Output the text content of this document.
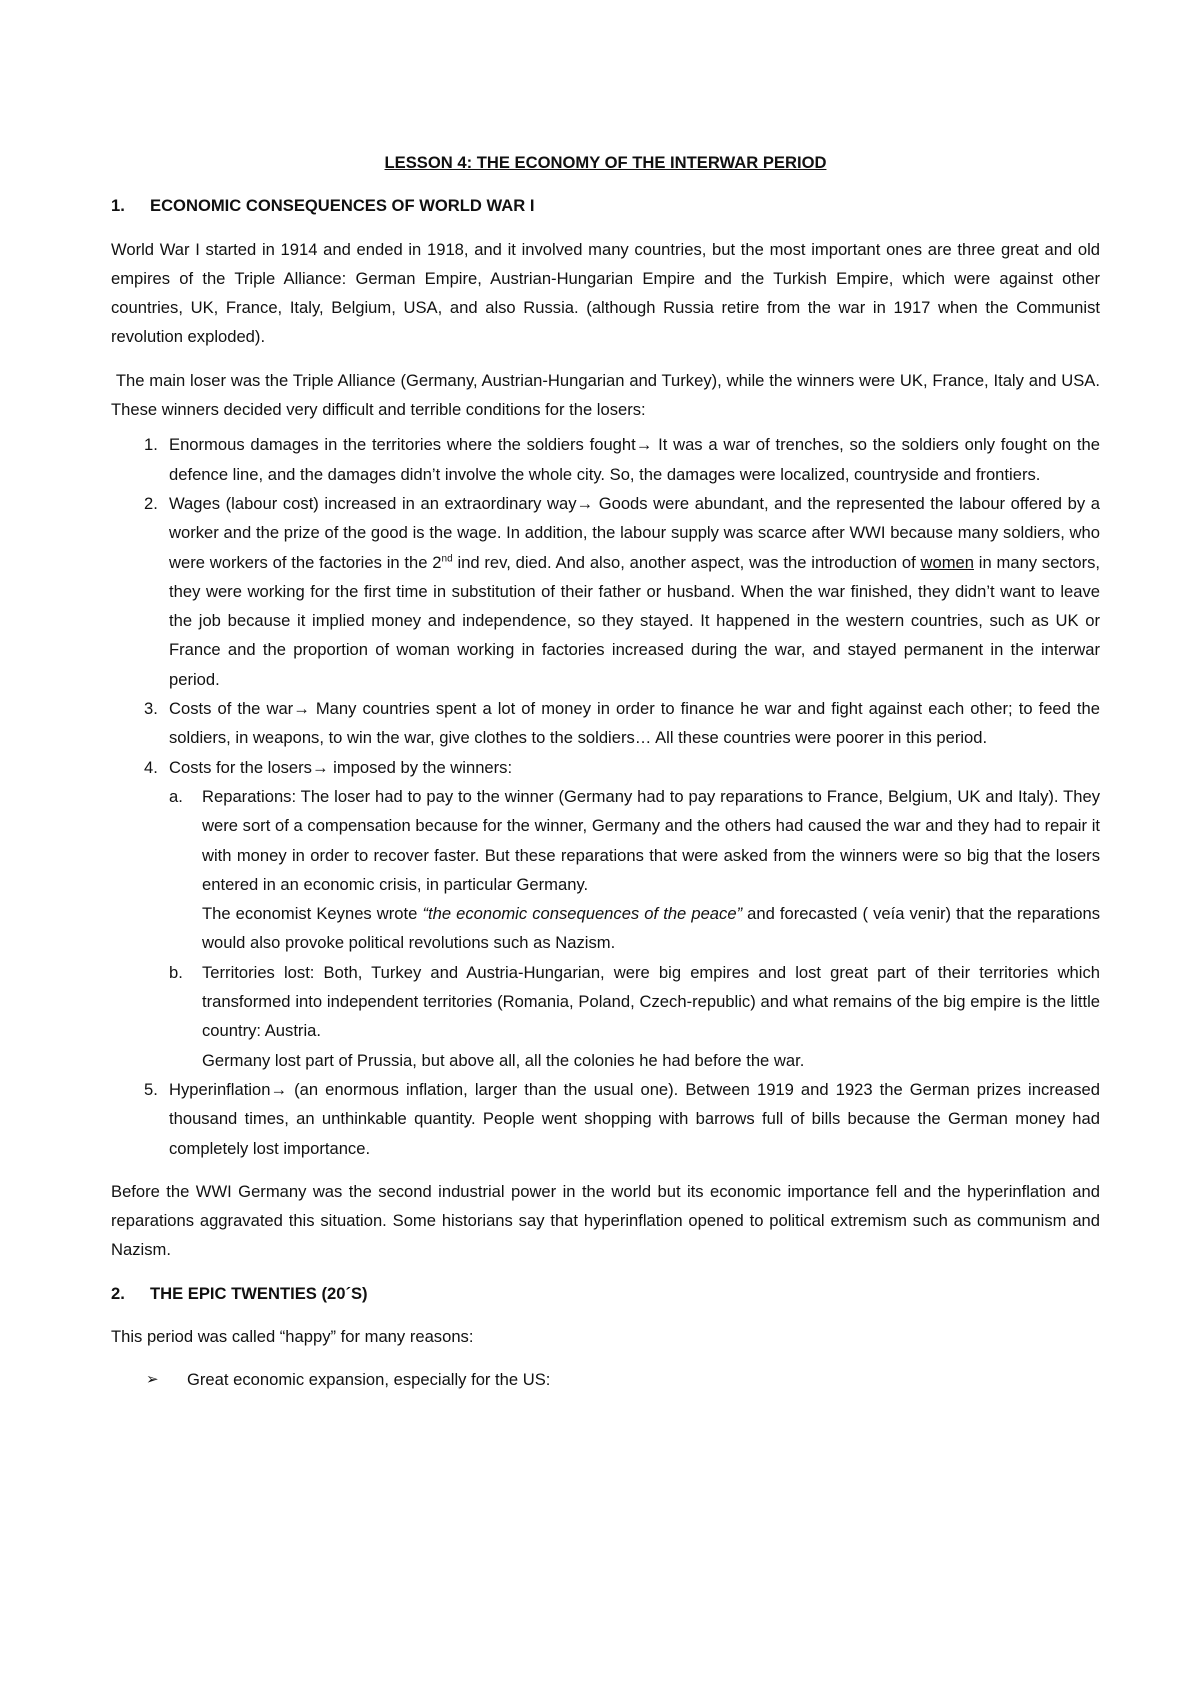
LESSON 4: THE ECONOMY OF THE INTERWAR PERIOD

1. ECONOMIC CONSEQUENCES OF WORLD WAR I

World War I started in 1914 and ended in 1918, and it involved many countries, but the most important ones are three great and old empires of the Triple Alliance: German Empire, Austrian-Hungarian Empire and the Turkish Empire, which were against other countries, UK, France, Italy, Belgium, USA, and also Russia. (although Russia retire from the war in 1917 when the Communist revolution exploded).

The main loser was the Triple Alliance (Germany, Austrian-Hungarian and Turkey), while the winners were UK, France, Italy and USA. These winners decided very difficult and terrible conditions for the losers:

1. Enormous damages in the territories where the soldiers fought→ It was a war of trenches, so the soldiers only fought on the defence line, and the damages didn’t involve the whole city. So, the damages were localized, countryside and frontiers.
2. Wages (labour cost) increased in an extraordinary way→ Goods were abundant, and the represented the labour offered by a worker and the prize of the good is the wage. In addition, the labour supply was scarce after WWI because many soldiers, who were workers of the factories in the 2nd ind rev, died. And also, another aspect, was the introduction of women in many sectors, they were working for the first time in substitution of their father or husband. When the war finished, they didn’t want to leave the job because it implied money and independence, so they stayed. It happened in the western countries, such as UK or France and the proportion of woman working in factories increased during the war, and stayed permanent in the interwar period.
3. Costs of the war→ Many countries spent a lot of money in order to finance he war and fight against each other; to feed the soldiers, in weapons, to win the war, give clothes to the soldiers… All these countries were poorer in this period.
4. Costs for the losers→ imposed by the winners:
a. Reparations: The loser had to pay to the winner (Germany had to pay reparations to France, Belgium, UK and Italy). They were sort of a compensation because for the winner, Germany and the others had caused the war and they had to repair it with money in order to recover faster. But these reparations that were asked from the winners were so big that the losers entered in an economic crisis, in particular Germany.
The economist Keynes wrote “the economic consequences of the peace” and forecasted ( veía venir) that the reparations would also provoke political revolutions such as Nazism.
b. Territories lost: Both, Turkey and Austria-Hungarian, were big empires and lost great part of their territories which transformed into independent territories (Romania, Poland, Czech-republic) and what remains of the big empire is the little country: Austria.
Germany lost part of Prussia, but above all, all the colonies he had before the war.
5. Hyperinflation→ (an enormous inflation, larger than the usual one). Between 1919 and 1923 the German prizes increased thousand times, an unthinkable quantity. People went shopping with barrows full of bills because the German money had completely lost importance.

Before the WWI Germany was the second industrial power in the world but its economic importance fell and the hyperinflation and reparations aggravated this situation. Some historians say that hyperinflation opened to political extremism such as communism and Nazism.

2. THE EPIC TWENTIES (20´S)

This period was called “happy” for many reasons:

➢ Great economic expansion, especially for the US:
